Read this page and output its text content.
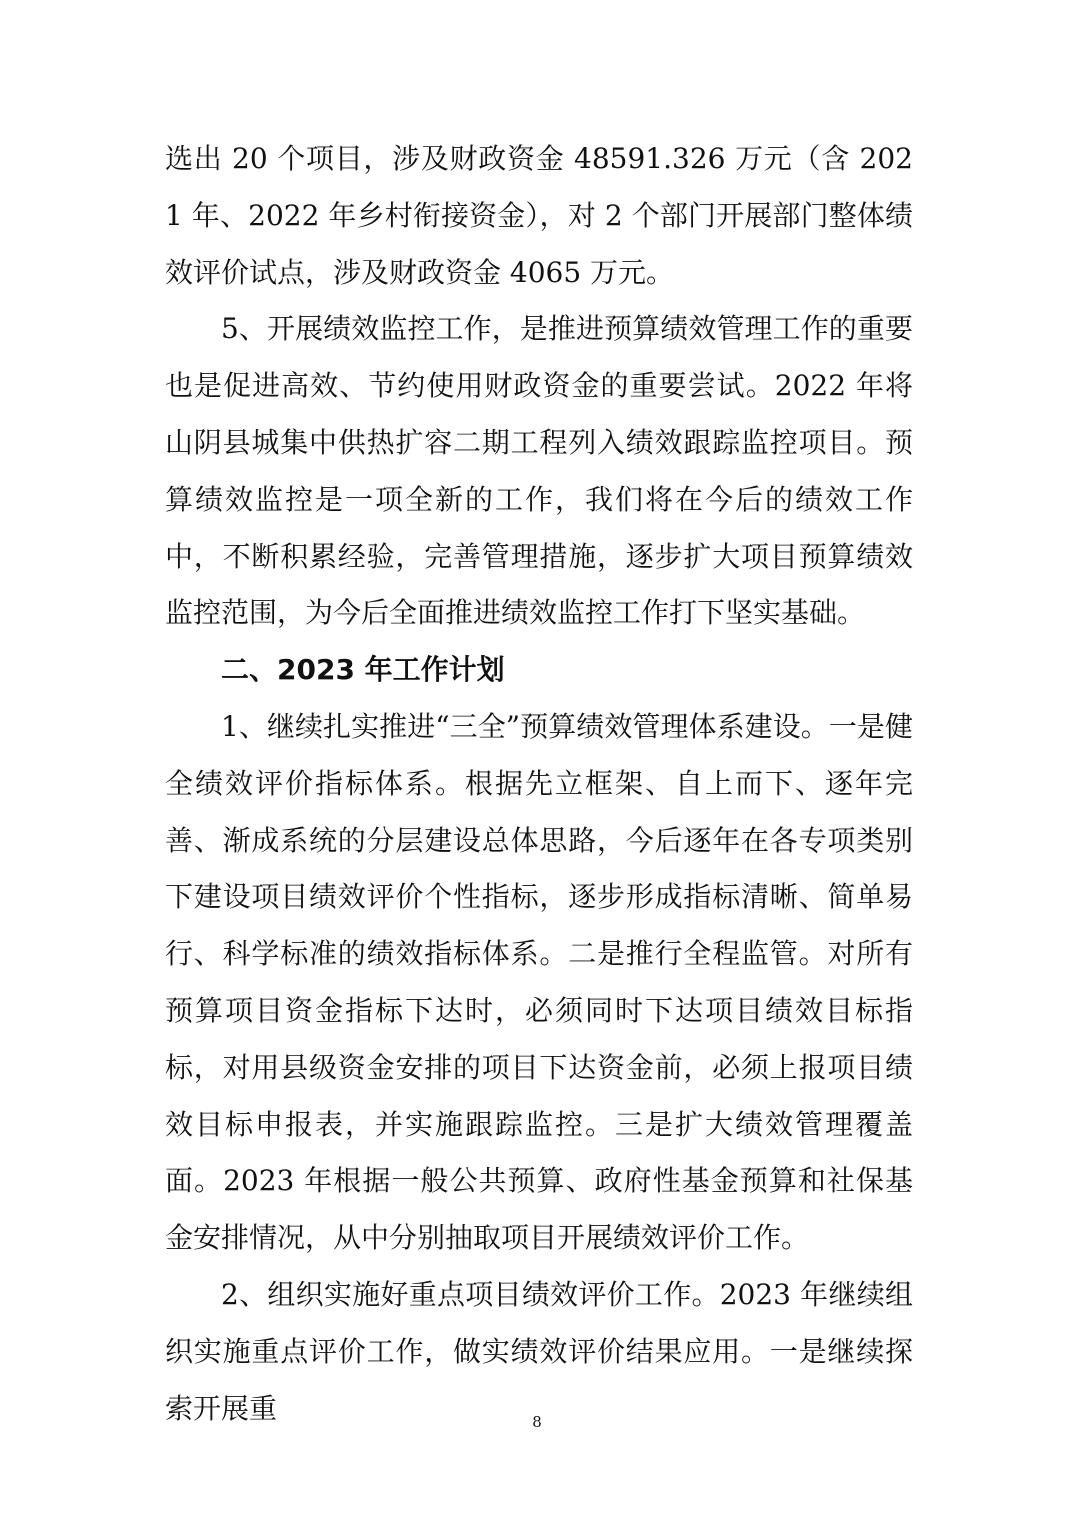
选出 20 个项目，涉及财政资金 48591.326 万元（含 2021 年、2022 年乡村衔接资金），对 2 个部门开展部门整体绩效评价试点，涉及财政资金 4065 万元。

5、开展绩效监控工作，是推进预算绩效管理工作的重要也是促进高效、节约使用财政资金的重要尝试。2022 年将山阴县城集中供热扩容二期工程列入绩效跟踪监控项目。预算绩效监控是一项全新的工作，我们将在今后的绩效工作中，不断积累经验，完善管理措施，逐步扩大项目预算绩效监控范围，为今后全面推进绩效监控工作打下坚实基础。

二、2023 年工作计划

1、继续扎实推进“三全”预算绩效管理体系建设。一是健全绩效评价指标体系。根据先立框架、自上而下、逐年完善、渐成系统的分层建设总体思路，今后逐年在各专项类别下建设项目绩效评价个性指标，逐步形成指标清晰、简单易行、科学标准的绩效指标体系。二是推行全程监管。对所有预算项目资金指标下达时，必须同时下达项目绩效目标指标，对用县级资金安排的项目下达资金前，必须上报项目绩效目标申报表，并实施跟踪监控。三是扩大绩效管理覆盖面。2023 年根据一般公共预算、政府性基金预算和社保基金安排情况，从中分别抽取项目开展绩效评价工作。

2、组织实施好重点项目绩效评价工作。2023 年继续组织实施重点评价工作，做实绩效评价结果应用。一是继续探索开展重	8
